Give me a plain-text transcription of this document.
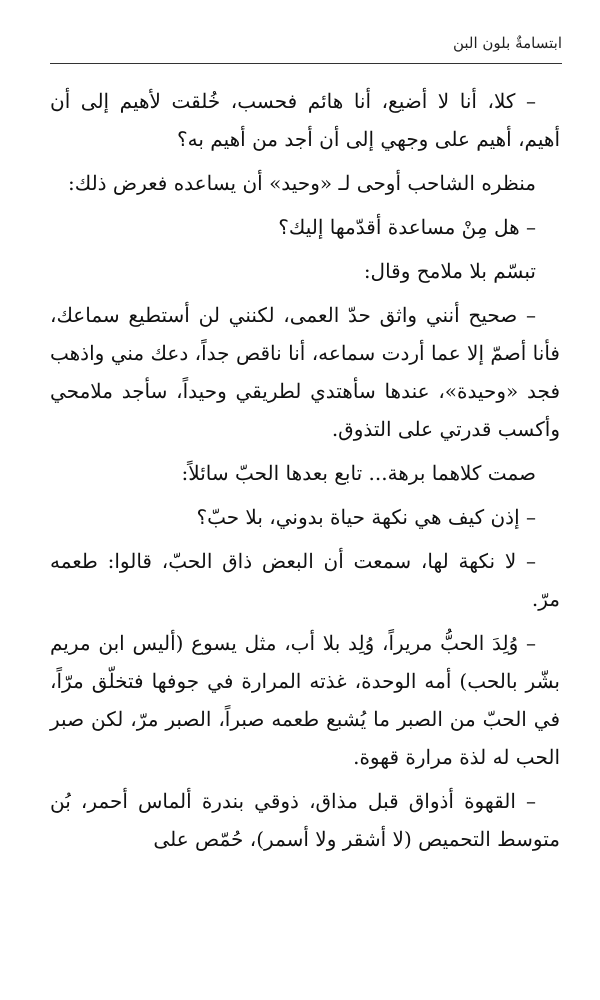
ابتسامةٌ بلون البن

– كلا، أنا لا أضيع، أنا هائم فحسب، خُلقت لأهيم إلى أن أهيم، أهيم على وجهي إلى أن أجد من أهيم به؟

منظره الشاحب أوحى لـ «وحيد» أن يساعده فعرض ذلك:

– هل مِنْ مساعدة أقدّمها إليك؟

تبسّم بلا ملامح وقال:

– صحيح أنني واثق حدّ العمى، لكنني لن أستطيع سماعك، فأنا أصمّ إلا عما أردت سماعه، أنا ناقص جداً، دعك مني واذهب فجد «وحيدة»، عندها سأهتدي لطريقي وحيداً، سأجد ملامحي وأكسب قدرتي على التذوق.

صمت كلاهما برهة... تابع بعدها الحبّ سائلاً:

– إذن كيف هي نكهة حياة بدوني، بلا حبّ؟

– لا نكهة لها، سمعت أن البعض ذاق الحبّ، قالوا: طعمه مرّ.

– وُلِدَ الحبُّ مريراً، وُلِد بلا أب، مثل يسوع (أليس ابن مريم بشّر بالحب) أمه الوحدة، غذته المرارة في جوفها فتخلّق مرّاً، في الحبّ من الصبر ما يُشبع طعمه صبراً، الصبر مرّ، لكن صبر الحب له لذة مرارة قهوة.

– القهوة أذواق قبل مذاق، ذوقي بندرة ألماس أحمر، بُن متوسط التحميص (لا أشقر ولا أسمر)، حُمّص على
